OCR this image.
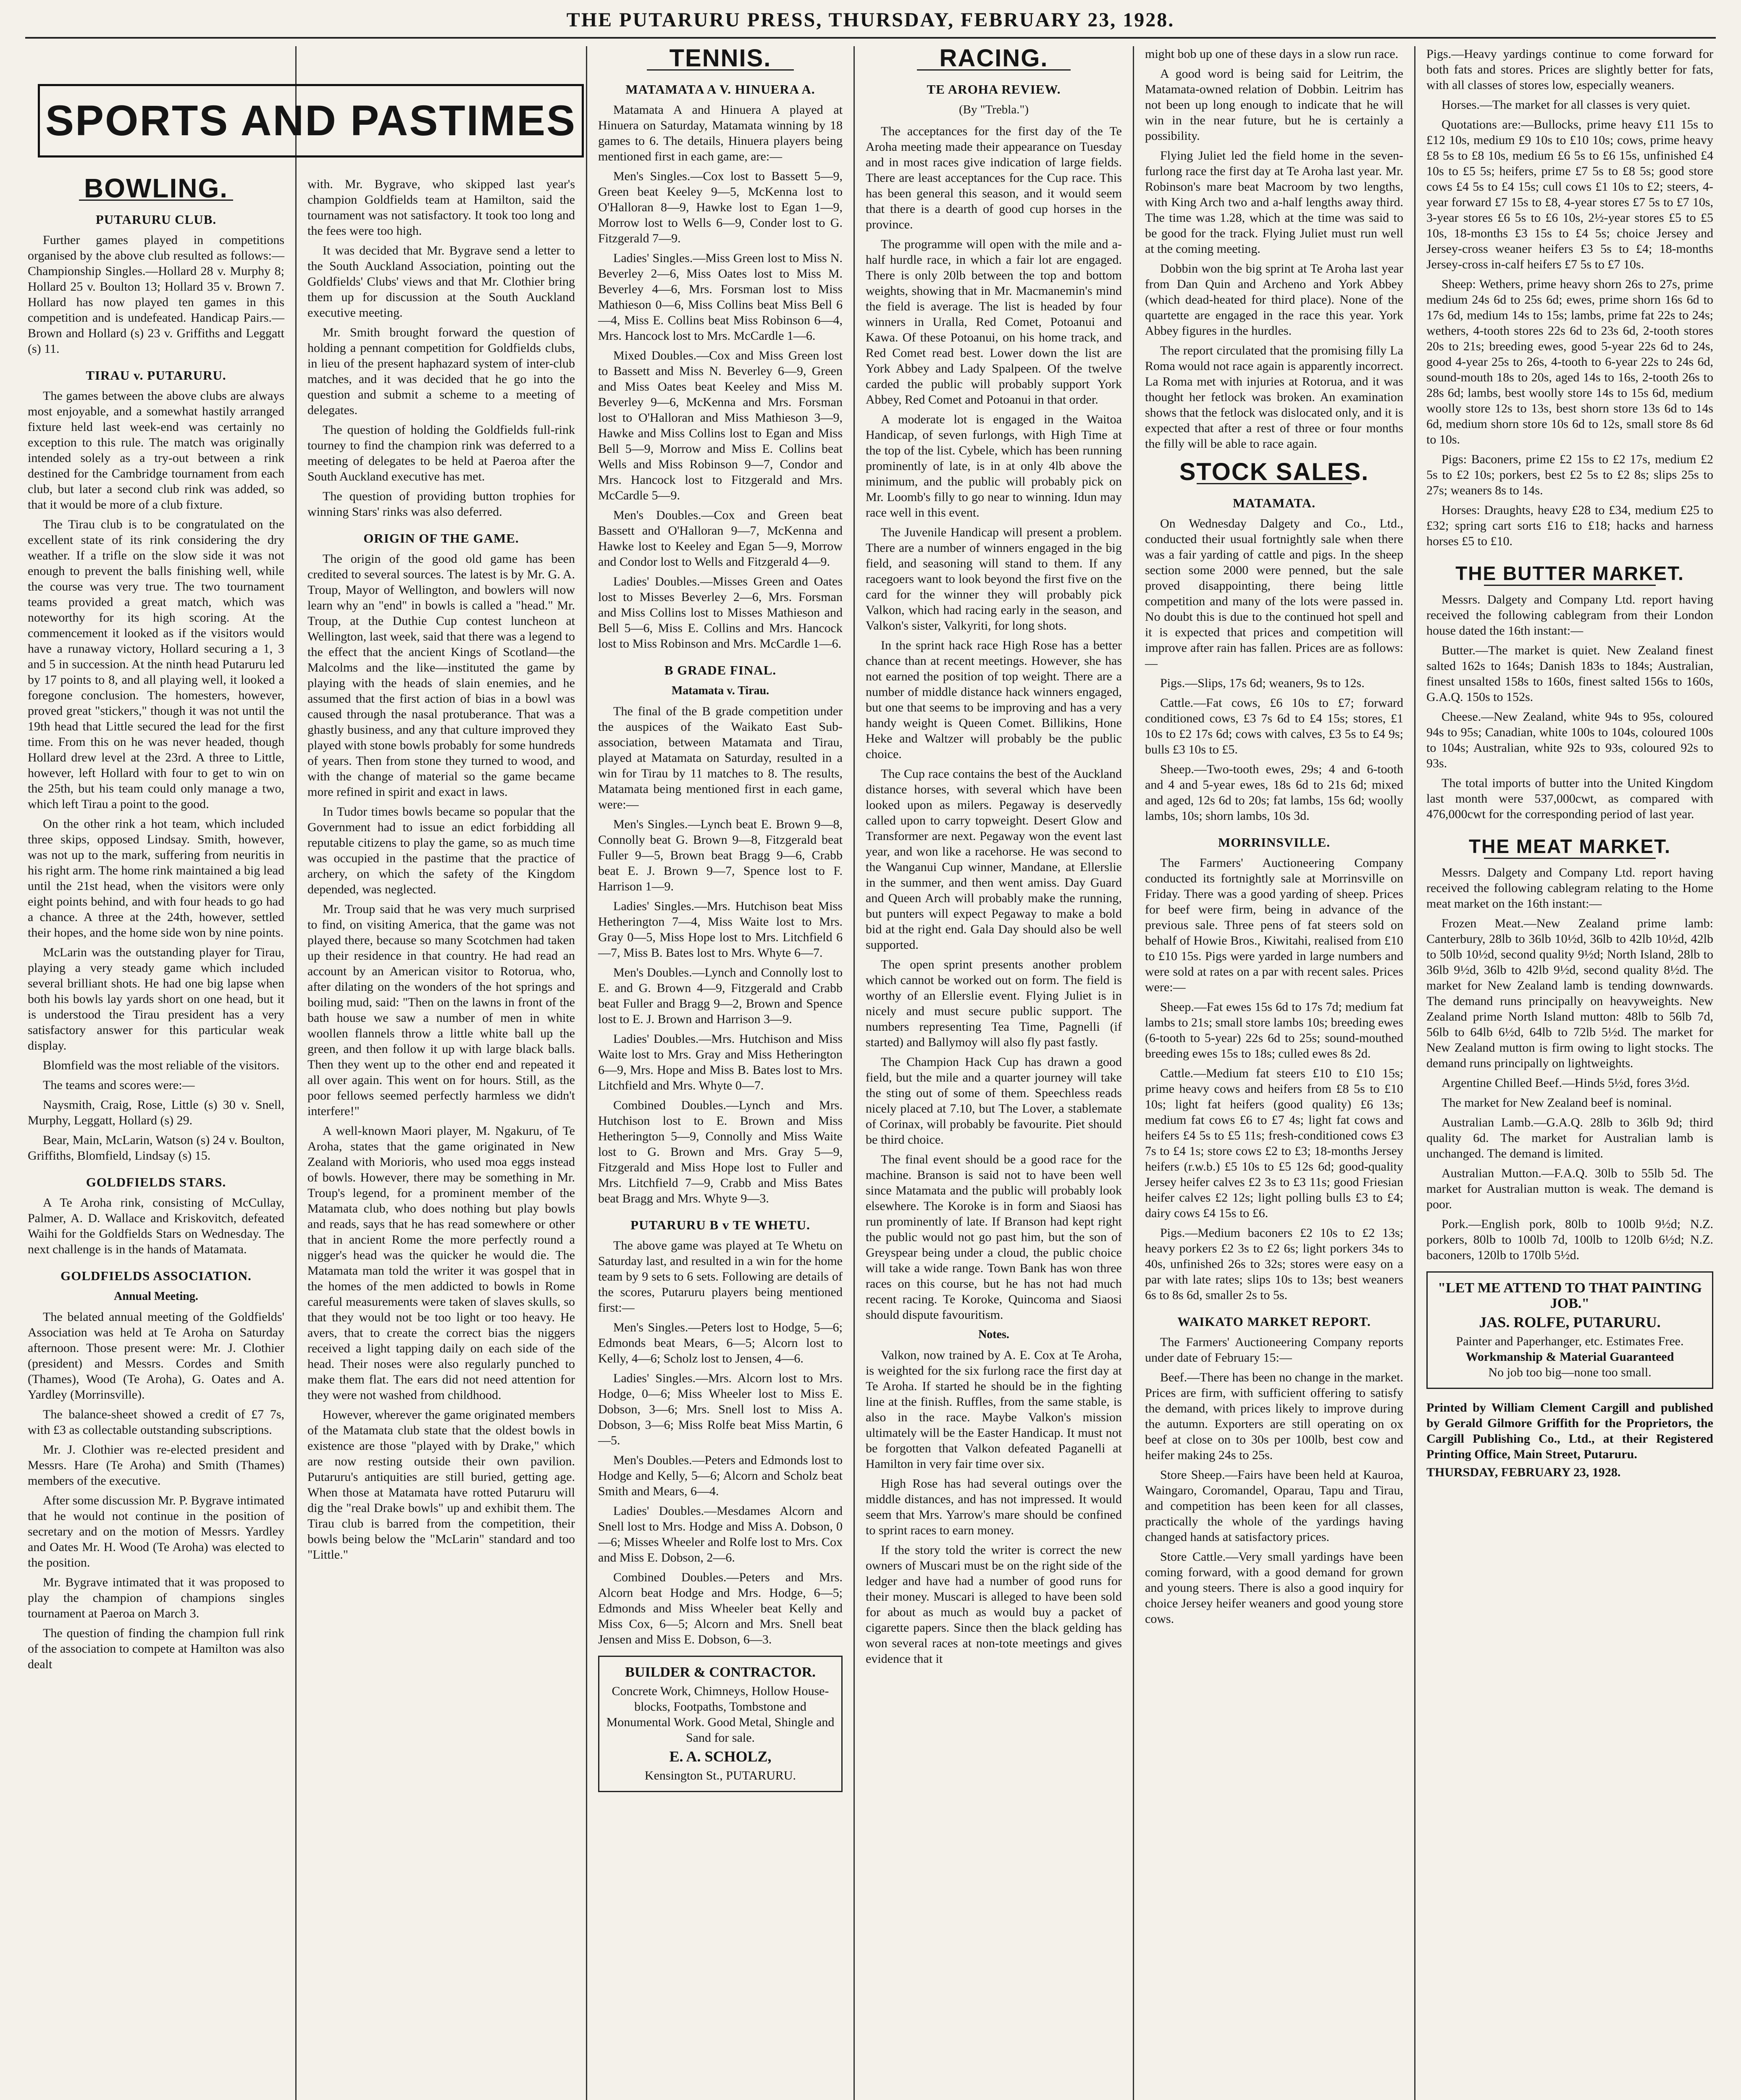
THE PUTARURU PRESS, THURSDAY, FEBRUARY 23, 1928.
SPORTS AND PASTIMES
BOWLING.
PUTARURU CLUB.

Further games played in competitions organised by the above club resulted as follows:—Championship Singles.—Hollard 28 v. Murphy 8; Hollard 25 v. Boulton 13; Hollard 35 v. Brown 7. Hollard has now played ten games in this competition and is undefeated. Handicap Pairs.—Brown and Hollard (s) 23 v. Griffiths and Leggatt (s) 11.

TIRAU v. PUTARURU.

The games between the above clubs are always most enjoyable, and a somewhat hastily arranged fixture held last week-end was certainly no exception to this rule. The match was originally intended solely as a try-out between a rink destined for the Cambridge tournament from each club, but later a second club rink was added, so that it would be more of a club fixture.

The Tirau club is to be congratulated on the excellent state of its rink considering the dry weather. If a trifle on the slow side it was not enough to prevent the balls finishing well, while the course was very true. The two tournament teams provided a great match, which was noteworthy for its high scoring. At the commencement it looked as if the visitors would have a runaway victory, Hollard securing a 1, 3 and 5 in succession. At the ninth head Putaruru led by 17 points to 8, and all playing well, it looked a foregone conclusion. The homesters, however, proved great "stickers," though it was not until the 19th head that Little secured the lead for the first time. From this on he was never headed, though Hollard drew level at the 23rd. A three to Little, however, left Hollard with four to get to win on the 25th, but his team could only manage a two, which left Tirau a point to the good.

On the other rink a hot team, which included three skips, opposed Lindsay. Smith, however, was not up to the mark, suffering from neuritis in his right arm. The home rink maintained a big lead until the 21st head, when the visitors were only eight points behind, and with four heads to go had a chance. A three at the 24th, however, settled their hopes, and the home side won by nine points.

McLarin was the outstanding player for Tirau, playing a very steady game which included several brilliant shots. He had one big lapse when both his bowls lay yards short on one head, but it is understood the Tirau president has a very satisfactory answer for this particular weak display.

Blomfield was the most reliable of the visitors.

The teams and scores were:—

Naysmith, Craig, Rose, Little (s) 30 v. Snell, Murphy, Leggatt, Hollard (s) 29.

Bear, Main, McLarin, Watson (s) 24 v. Boulton, Griffiths, Blomfield, Lindsay (s) 15.

GOLDFIELDS STARS.

A Te Aroha rink, consisting of McCullay, Palmer, A. D. Wallace and Kriskovitch, defeated Waihi for the Goldfields Stars on Wednesday. The next challenge is in the hands of Matamata.

GOLDFIELDS ASSOCIATION.
Annual Meeting.

The belated annual meeting of the Goldfields' Association was held at Te Aroha on Saturday afternoon. Those present were: Mr. J. Clothier (president) and Messrs. Cordes and Smith (Thames), Wood (Te Aroha), G. Oates and A. Yardley (Morrinsville).

The balance-sheet showed a credit of £7 7s, with £3 as collectable outstanding subscriptions.

Mr. J. Clothier was re-elected president and Messrs. Hare (Te Aroha) and Smith (Thames) members of the executive.

After some discussion Mr. P. Bygrave intimated that he would not continue in the position of secretary and on the motion of Messrs. Yardley and Oates Mr. H. Wood (Te Aroha) was elected to the position.

Mr. Bygrave intimated that it was proposed to play the champion of champions singles tournament at Paeroa on March 3.

The question of finding the champion full rink of the association to compete at Hamilton was also dealt

with. Mr. Bygrave, who skipped last year's champion Goldfields team at Hamilton, said the tournament was not satisfactory. It took too long and the fees were too high.

It was decided that Mr. Bygrave send a letter to the South Auckland Association, pointing out the Goldfields' Clubs' views and that Mr. Clothier bring them up for discussion at the South Auckland executive meeting.

Mr. Smith brought forward the question of holding a pennant competition for Goldfields clubs, in lieu of the present haphazard system of inter-club matches, and it was decided that he go into the question and submit a scheme to a meeting of delegates.

The question of holding the Goldfields full-rink tourney to find the champion rink was deferred to a meeting of delegates to be held at Paeroa after the South Auckland executive has met.

The question of providing button trophies for winning Stars' rinks was also deferred.

ORIGIN OF THE GAME.

The origin of the good old game has been credited to several sources. The latest is by Mr. G. A. Troup, Mayor of Wellington, and bowlers will now learn why an "end" in bowls is called a "head." Mr. Troup, at the Duthie Cup contest luncheon at Wellington, last week, said that there was a legend to the effect that the ancient Kings of Scotland—the Malcolms and the like—instituted the game by playing with the heads of slain enemies, and he assumed that the first action of bias in a bowl was caused through the nasal protuberance. That was a ghastly business, and any that culture improved they played with stone bowls probably for some hundreds of years. Then from stone they turned to wood, and with the change of material so the game became more refined in spirit and exact in laws.

In Tudor times bowls became so popular that the Government had to issue an edict forbidding all reputable citizens to play the game, so as much time was occupied in the pastime that the practice of archery, on which the safety of the Kingdom depended, was neglected.

Mr. Troup said that he was very much surprised to find, on visiting America, that the game was not played there, because so many Scotchmen had taken up their residence in that country. He had read an account by an American visitor to Rotorua, who, after dilating on the wonders of the hot springs and boiling mud, said: "Then on the lawns in front of the bath house we saw a number of men in white woollen flannels throw a little white ball up the green, and then follow it up with large black balls. Then they went up to the other end and repeated it all over again. This went on for hours. Still, as the poor fellows seemed perfectly harmless we didn't interfere!"

A well-known Maori player, M. Ngakuru, of Te Aroha, states that the game originated in New Zealand with Morioris, who used moa eggs instead of bowls. However, there may be something in Mr. Troup's legend, for a prominent member of the Matamata club, who does nothing but play bowls and reads, says that he has read somewhere or other that in ancient Rome the more perfectly round a nigger's head was the quicker he would die. The Matamata man told the writer it was gospel that in the homes of the men addicted to bowls in Rome careful measurements were taken of slaves skulls, so that they would not be too light or too heavy. He avers, that to create the correct bias the niggers received a light tapping daily on each side of the head. Their noses were also regularly punched to make them flat. The ears did not need attention for they were not washed from childhood.

However, wherever the game originated members of the Matamata club state that the oldest bowls in existence are those "played with by Drake," which are now resting outside their own pavilion. Putaruru's antiquities are still buried, getting age. When those at Matamata have rotted Putaruru will dig the "real Drake bowls" up and exhibit them. The Tirau club is barred from the competition, their bowls being below the "McLarin" standard and too "Little."

TENNIS.
MATAMATA A V. HINUERA A.

Matamata A and Hinuera A played at Hinuera on Saturday, Matamata winning by 18 games to 6. The details, Hinuera players being mentioned first in each game, are:—

Men's Singles.—Cox lost to Bassett 5—9, Green beat Keeley 9—5, McKenna lost to O'Halloran 8—9, Hawke lost to Egan 1—9, Morrow lost to Wells 6—9, Conder lost to G. Fitzgerald 7—9.

Ladies' Singles.—Miss Green lost to Miss N. Beverley 2—6, Miss Oates lost to Miss M. Beverley 4—6, Mrs. Forsman lost to Miss Mathieson 0—6, Miss Collins beat Miss Bell 6—4, Miss E. Collins beat Miss Robinson 6—4, Mrs. Hancock lost to Mrs. McCardle 1—6.

Mixed Doubles.—Cox and Miss Green lost to Bassett and Miss N. Beverley 6—9, Green and Miss Oates beat Keeley and Miss M. Beverley 9—6, McKenna and Mrs. Forsman lost to O'Halloran and Miss Mathieson 3—9, Hawke and Miss Collins lost to Egan and Miss Bell 5—9, Morrow and Miss E. Collins beat Wells and Miss Robinson 9—7, Condor and Mrs. Hancock lost to Fitzgerald and Mrs. McCardle 5—9.

Men's Doubles.—Cox and Green beat Bassett and O'Halloran 9—7, McKenna and Hawke lost to Keeley and Egan 5—9, Morrow and Condor lost to Wells and Fitzgerald 4—9.

Ladies' Doubles.—Misses Green and Oates lost to Misses Beverley 2—6, Mrs. Forsman and Miss Collins lost to Misses Mathieson and Bell 5—6, Miss E. Collins and Mrs. Hancock lost to Miss Robinson and Mrs. McCardle 1—6.

B GRADE FINAL.
Matamata v. Tirau.

The final of the B grade competition under the auspices of the Waikato East Sub-association, between Matamata and Tirau, played at Matamata on Saturday, resulted in a win for Tirau by 11 matches to 8. The results, Matamata being mentioned first in each game, were:—

Men's Singles.—Lynch beat E. Brown 9—8, Connolly beat G. Brown 9—8, Fitzgerald beat Fuller 9—5, Brown beat Bragg 9—6, Crabb beat E. J. Brown 9—7, Spence lost to F. Harrison 1—9.

Ladies' Singles.—Mrs. Hutchison beat Miss Hetherington 7—4, Miss Waite lost to Mrs. Gray 0—5, Miss Hope lost to Mrs. Litchfield 6—7, Miss B. Bates lost to Mrs. Whyte 6—7.

Men's Doubles.—Lynch and Connolly lost to E. and G. Brown 4—9, Fitzgerald and Crabb beat Fuller and Bragg 9—2, Brown and Spence lost to E. J. Brown and Harrison 3—9.

Ladies' Doubles.—Mrs. Hutchison and Miss Waite lost to Mrs. Gray and Miss Hetherington 6—9, Mrs. Hope and Miss B. Bates lost to Mrs. Litchfield and Mrs. Whyte 0—7.

Combined Doubles.—Lynch and Mrs. Hutchison lost to E. Brown and Miss Hetherington 5—9, Connolly and Miss Waite lost to G. Brown and Mrs. Gray 5—9, Fitzgerald and Miss Hope lost to Fuller and Mrs. Litchfield 7—9, Crabb and Miss Bates beat Bragg and Mrs. Whyte 9—3.

PUTARURU B v TE WHETU.

The above game was played at Te Whetu on Saturday last, and resulted in a win for the home team by 9 sets to 6 sets. Following are details of the scores, Putaruru players being mentioned first:—

Men's Singles.—Peters lost to Hodge, 5—6; Edmonds beat Mears, 6—5; Alcorn lost to Kelly, 4—6; Scholz lost to Jensen, 4—6.

Ladies' Singles.—Mrs. Alcorn lost to Mrs. Hodge, 0—6; Miss Wheeler lost to Miss E. Dobson, 3—6; Mrs. Snell lost to Miss A. Dobson, 3—6; Miss Rolfe beat Miss Martin, 6—5.

Men's Doubles.—Peters and Edmonds lost to Hodge and Kelly, 5—6; Alcorn and Scholz beat Smith and Mears, 6—4.

Ladies' Doubles.—Mesdames Alcorn and Snell lost to Mrs. Hodge and Miss A. Dobson, 0—6; Misses Wheeler and Rolfe lost to Mrs. Cox and Miss E. Dobson, 2—6.

Combined Doubles.—Peters and Mrs. Alcorn beat Hodge and Mrs. Hodge, 6—5; Edmonds and Miss Wheeler beat Kelly and Miss Cox, 6—5; Alcorn and Mrs. Snell beat Jensen and Miss E. Dobson, 6—3.

BUILDER & CONTRACTOR.
Concrete Work, Chimneys, Hollow House-blocks, Footpaths, Tombstone and Monumental Work. Good Metal, Shingle and Sand for sale.
E. A. SCHOLZ,
Kensington St., PUTARURU.
RACING.
TE AROHA REVIEW.
(By "Trebla.")

The acceptances for the first day of the Te Aroha meeting made their appearance on Tuesday and in most races give indication of large fields. There are least acceptances for the Cup race. This has been general this season, and it would seem that there is a dearth of good cup horses in the province.

The programme will open with the mile and a-half hurdle race, in which a fair lot are engaged. There is only 20lb between the top and bottom weights, showing that in Mr. Macmanemin's mind the field is average. The list is headed by four winners in Uralla, Red Comet, Potoanui and Kawa. Of these Potoanui, on his home track, and Red Comet read best. Lower down the list are York Abbey and Lady Spalpeen. Of the twelve carded the public will probably support York Abbey, Red Comet and Potoanui in that order.

A moderate lot is engaged in the Waitoa Handicap, of seven furlongs, with High Time at the top of the list. Cybele, which has been running prominently of late, is in at only 4lb above the minimum, and the public will probably pick on Mr. Loomb's filly to go near to winning. Idun may race well in this event.

The Juvenile Handicap will present a problem. There are a number of winners engaged in the big field, and seasoning will stand to them. If any racegoers want to look beyond the first five on the card for the winner they will probably pick Valkon, which had racing early in the season, and Valkon's sister, Valkyriti, for long shots.

In the sprint hack race High Rose has a better chance than at recent meetings. However, she has not earned the position of top weight. There are a number of middle distance hack winners engaged, but one that seems to be improving and has a very handy weight is Queen Comet. Billikins, Hone Heke and Waltzer will probably be the public choice.

The Cup race contains the best of the Auckland distance horses, with several which have been looked upon as milers. Pegaway is deservedly called upon to carry topweight. Desert Glow and Transformer are next. Pegaway won the event last year, and won like a racehorse. He was second to the Wanganui Cup winner, Mandane, at Ellerslie in the summer, and then went amiss. Day Guard and Queen Arch will probably make the running, but punters will expect Pegaway to make a bold bid at the right end. Gala Day should also be well supported.

The open sprint presents another problem which cannot be worked out on form. The field is worthy of an Ellerslie event. Flying Juliet is in nicely and must secure public support. The numbers representing Tea Time, Pagnelli (if started) and Ballymoy will also fly past fastly.

The Champion Hack Cup has drawn a good field, but the mile and a quarter journey will take the sting out of some of them. Speechless reads nicely placed at 7.10, but The Lover, a stablemate of Corinax, will probably be favourite. Piet should be third choice.

The final event should be a good race for the machine. Branson is said not to have been well since Matamata and the public will probably look elsewhere. The Koroke is in form and Siaosi has run prominently of late. If Branson had kept right the public would not go past him, but the son of Greyspear being under a cloud, the public choice will take a wide range. Town Bank has won three races on this course, but he has not had much recent racing. Te Koroke, Quincoma and Siaosi should dispute favouritism.

Notes.

Valkon, now trained by A. E. Cox at Te Aroha, is weighted for the six furlong race the first day at Te Aroha. If started he should be in the fighting line at the finish. Ruffles, from the same stable, is also in the race. Maybe Valkon's mission ultimately will be the Easter Handicap. It must not be forgotten that Valkon defeated Paganelli at Hamilton in very fair time over six.

High Rose has had several outings over the middle distances, and has not impressed. It would seem that Mrs. Yarrow's mare should be confined to sprint races to earn money.

If the story told the writer is correct the new owners of Muscari must be on the right side of the ledger and have had a number of good runs for their money. Muscari is alleged to have been sold for about as much as would buy a packet of cigarette papers. Since then the black gelding has won several races at non-tote meetings and gives evidence that it

might bob up one of these days in a slow run race.

A good word is being said for Leitrim, the Matamata-owned relation of Dobbin. Leitrim has not been up long enough to indicate that he will win in the near future, but he is certainly a possibility.

Flying Juliet led the field home in the seven-furlong race the first day at Te Aroha last year. Mr. Robinson's mare beat Macroom by two lengths, with King Arch two and a-half lengths away third. The time was 1.28, which at the time was said to be good for the track. Flying Juliet must run well at the coming meeting.

Dobbin won the big sprint at Te Aroha last year from Dan Quin and Archeno and York Abbey (which dead-heated for third place). None of the quartette are engaged in the race this year. York Abbey figures in the hurdles.

The report circulated that the promising filly La Roma would not race again is apparently incorrect. La Roma met with injuries at Rotorua, and it was thought her fetlock was broken. An examination shows that the fetlock was dislocated only, and it is expected that after a rest of three or four months the filly will be able to race again.

STOCK SALES.
MATAMATA.

On Wednesday Dalgety and Co., Ltd., conducted their usual fortnightly sale when there was a fair yarding of cattle and pigs. In the sheep section some 2000 were penned, but the sale proved disappointing, there being little competition and many of the lots were passed in. No doubt this is due to the continued hot spell and it is expected that prices and competition will improve after rain has fallen. Prices are as follows:—

Pigs.—Slips, 17s 6d; weaners, 9s to 12s.

Cattle.—Fat cows, £6 10s to £7; forward conditioned cows, £3 7s 6d to £4 15s; stores, £1 10s to £2 17s 6d; cows with calves, £3 5s to £4 9s; bulls £3 10s to £5.

Sheep.—Two-tooth ewes, 29s; 4 and 6-tooth and 4 and 5-year ewes, 18s 6d to 21s 6d; mixed and aged, 12s 6d to 20s; fat lambs, 15s 6d; woolly lambs, 10s; shorn lambs, 10s 3d.

MORRINSVILLE.

The Farmers' Auctioneering Company conducted its fortnightly sale at Morrinsville on Friday. There was a good yarding of sheep. Prices for beef were firm, being in advance of the previous sale. Three pens of fat steers sold on behalf of Howie Bros., Kiwitahi, realised from £10 to £10 15s. Pigs were yarded in large numbers and were sold at rates on a par with recent sales. Prices were:—

Sheep.—Fat ewes 15s 6d to 17s 7d; medium fat lambs to 21s; small store lambs 10s; breeding ewes (6-tooth to 5-year) 22s 6d to 25s; sound-mouthed breeding ewes 15s to 18s; culled ewes 8s 2d.

Cattle.—Medium fat steers £10 to £10 15s; prime heavy cows and heifers from £8 5s to £10 10s; light fat heifers (good quality) £6 13s; medium fat cows £6 to £7 4s; light fat cows and heifers £4 5s to £5 11s; fresh-conditioned cows £3 7s to £4 1s; store cows £2 to £3; 18-months Jersey heifers (r.w.b.) £5 10s to £5 12s 6d; good-quality Jersey heifer calves £2 3s to £3 11s; good Friesian heifer calves £2 12s; light polling bulls £3 to £4; dairy cows £4 15s to £6.

Pigs.—Medium baconers £2 10s to £2 13s; heavy porkers £2 3s to £2 6s; light porkers 34s to 40s, unfinished 26s to 32s; stores were easy on a par with late rates; slips 10s to 13s; best weaners 6s to 8s 6d, smaller 2s to 5s.

WAIKATO MARKET REPORT.

The Farmers' Auctioneering Company reports under date of February 15:—

Beef.—There has been no change in the market. Prices are firm, with sufficient offering to satisfy the demand, with prices likely to improve during the autumn. Exporters are still operating on ox beef at close on to 30s per 100lb, best cow and heifer making 24s to 25s.

Store Sheep.—Fairs have been held at Kauroa, Waingaro, Coromandel, Oparau, Tapu and Tirau, and competition has been keen for all classes, practically the whole of the yardings having changed hands at satisfactory prices.

Store Cattle.—Very small yardings have been coming forward, with a good demand for grown and young steers. There is also a good inquiry for choice Jersey heifer weaners and good young store cows.

Pigs.—Heavy yardings continue to come forward for both fats and stores. Prices are slightly better for fats, with all classes of stores low, especially weaners.

Horses.—The market for all classes is very quiet.

Quotations are:—Bullocks, prime heavy £11 15s to £12 10s, medium £9 10s to £10 10s; cows, prime heavy £8 5s to £8 10s, medium £6 5s to £6 15s, unfinished £4 10s to £5 5s; heifers, prime £7 5s to £8 5s; good store cows £4 5s to £4 15s; cull cows £1 10s to £2; steers, 4-year forward £7 15s to £8, 4-year stores £7 5s to £7 10s, 3-year stores £6 5s to £6 10s, 2½-year stores £5 to £5 10s, 18-months £3 15s to £4 5s; choice Jersey and Jersey-cross weaner heifers £3 5s to £4; 18-months Jersey-cross in-calf heifers £7 5s to £7 10s.

Sheep: Wethers, prime heavy shorn 26s to 27s, prime medium 24s 6d to 25s 6d; ewes, prime shorn 16s 6d to 17s 6d, medium 14s to 15s; lambs, prime fat 22s to 24s; wethers, 4-tooth stores 22s 6d to 23s 6d, 2-tooth stores 20s to 21s; breeding ewes, good 5-year 22s 6d to 24s, good 4-year 25s to 26s, 4-tooth to 6-year 22s to 24s 6d, sound-mouth 18s to 20s, aged 14s to 16s, 2-tooth 26s to 28s 6d; lambs, best woolly store 14s to 15s 6d, medium woolly store 12s to 13s, best shorn store 13s 6d to 14s 6d, medium shorn store 10s 6d to 12s, small store 8s 6d to 10s.

Pigs: Baconers, prime £2 15s to £2 17s, medium £2 5s to £2 10s; porkers, best £2 5s to £2 8s; slips 25s to 27s; weaners 8s to 14s.

Horses: Draughts, heavy £28 to £34, medium £25 to £32; spring cart sorts £16 to £18; hacks and harness horses £5 to £10.

THE BUTTER MARKET.

Messrs. Dalgety and Company Ltd. report having received the following cablegram from their London house dated the 16th instant:—

Butter.—The market is quiet. New Zealand finest salted 162s to 164s; Danish 183s to 184s; Australian, finest unsalted 158s to 160s, finest salted 156s to 160s, G.A.Q. 150s to 152s.

Cheese.—New Zealand, white 94s to 95s, coloured 94s to 95s; Canadian, white 100s to 104s, coloured 100s to 104s; Australian, white 92s to 93s, coloured 92s to 93s.

The total imports of butter into the United Kingdom last month were 537,000cwt, as compared with 476,000cwt for the corresponding period of last year.

THE MEAT MARKET.

Messrs. Dalgety and Company Ltd. report having received the following cablegram relating to the Home meat market on the 16th instant:—

Frozen Meat.—New Zealand prime lamb: Canterbury, 28lb to 36lb 10½d, 36lb to 42lb 10½d, 42lb to 50lb 10½d, second quality 9½d; North Island, 28lb to 36lb 9½d, 36lb to 42lb 9½d, second quality 8½d. The market for New Zealand lamb is tending downwards. The demand runs principally on heavyweights. New Zealand prime North Island mutton: 48lb to 56lb 7d, 56lb to 64lb 6½d, 64lb to 72lb 5½d. The market for New Zealand mutton is firm owing to light stocks. The demand runs principally on lightweights.

Argentine Chilled Beef.—Hinds 5½d, fores 3½d.

The market for New Zealand beef is nominal.

Australian Lamb.—G.A.Q. 28lb to 36lb 9d; third quality 6d. The market for Australian lamb is unchanged. The demand is limited.

Australian Mutton.—F.A.Q. 30lb to 55lb 5d. The market for Australian mutton is weak. The demand is poor.

Pork.—English pork, 80lb to 100lb 9½d; N.Z. porkers, 80lb to 100lb 7d, 100lb to 120lb 6½d; N.Z. baconers, 120lb to 170lb 5½d.

"LET ME ATTEND TO THAT PAINTING JOB."
JAS. ROLFE, PUTARURU.
Painter and Paperhanger, etc. Estimates Free.
Workmanship & Material Guaranteed
No job too big—none too small.
Printed by William Clement Cargill and published by Gerald Gilmore Griffith for the Proprietors, the Cargill Publishing Co., Ltd., at their Registered Printing Office, Main Street, Putaruru.
THURSDAY, FEBRUARY 23, 1928.
